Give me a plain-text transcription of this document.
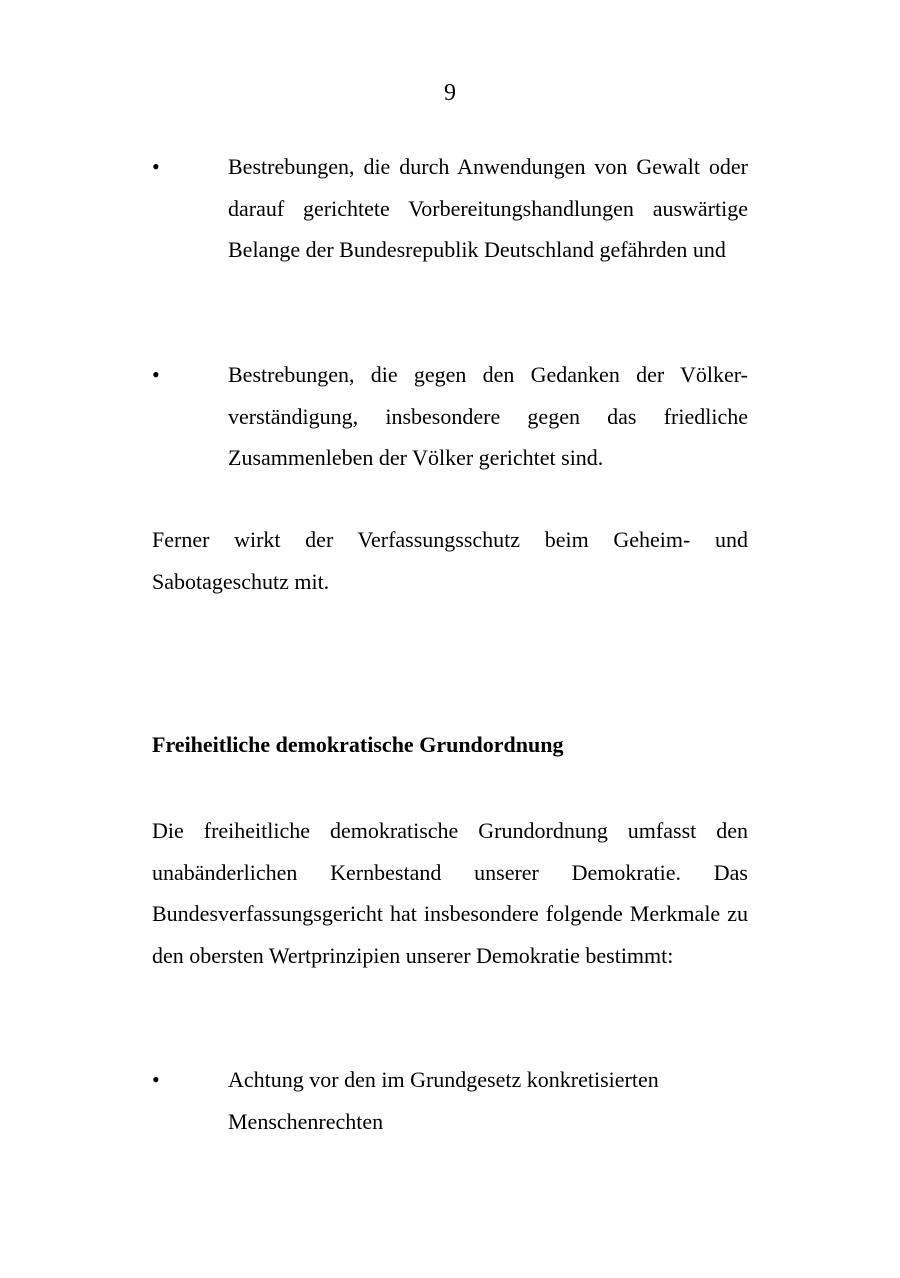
9
•	Bestrebungen, die durch Anwendungen von Gewalt oder darauf gerichtete Vorbereitungshandlungen auswärtige Belange der Bundesrepublik Deutschland gefährden und
•	Bestrebungen, die gegen den Gedanken der Völker-verständigung, insbesondere gegen das friedliche Zusammenleben der Völker gerichtet sind.
Ferner wirkt der Verfassungsschutz beim Geheim- und Sabotageschutz mit.
Freiheitliche demokratische Grundordnung
Die freiheitliche demokratische Grundordnung umfasst den unabänderlichen Kernbestand unserer Demokratie. Das Bundesverfassungsgericht hat insbesondere folgende Merkmale zu den obersten Wertprinzipien unserer Demokratie bestimmt:
•	Achtung vor den im Grundgesetz konkretisierten Menschenrechten
